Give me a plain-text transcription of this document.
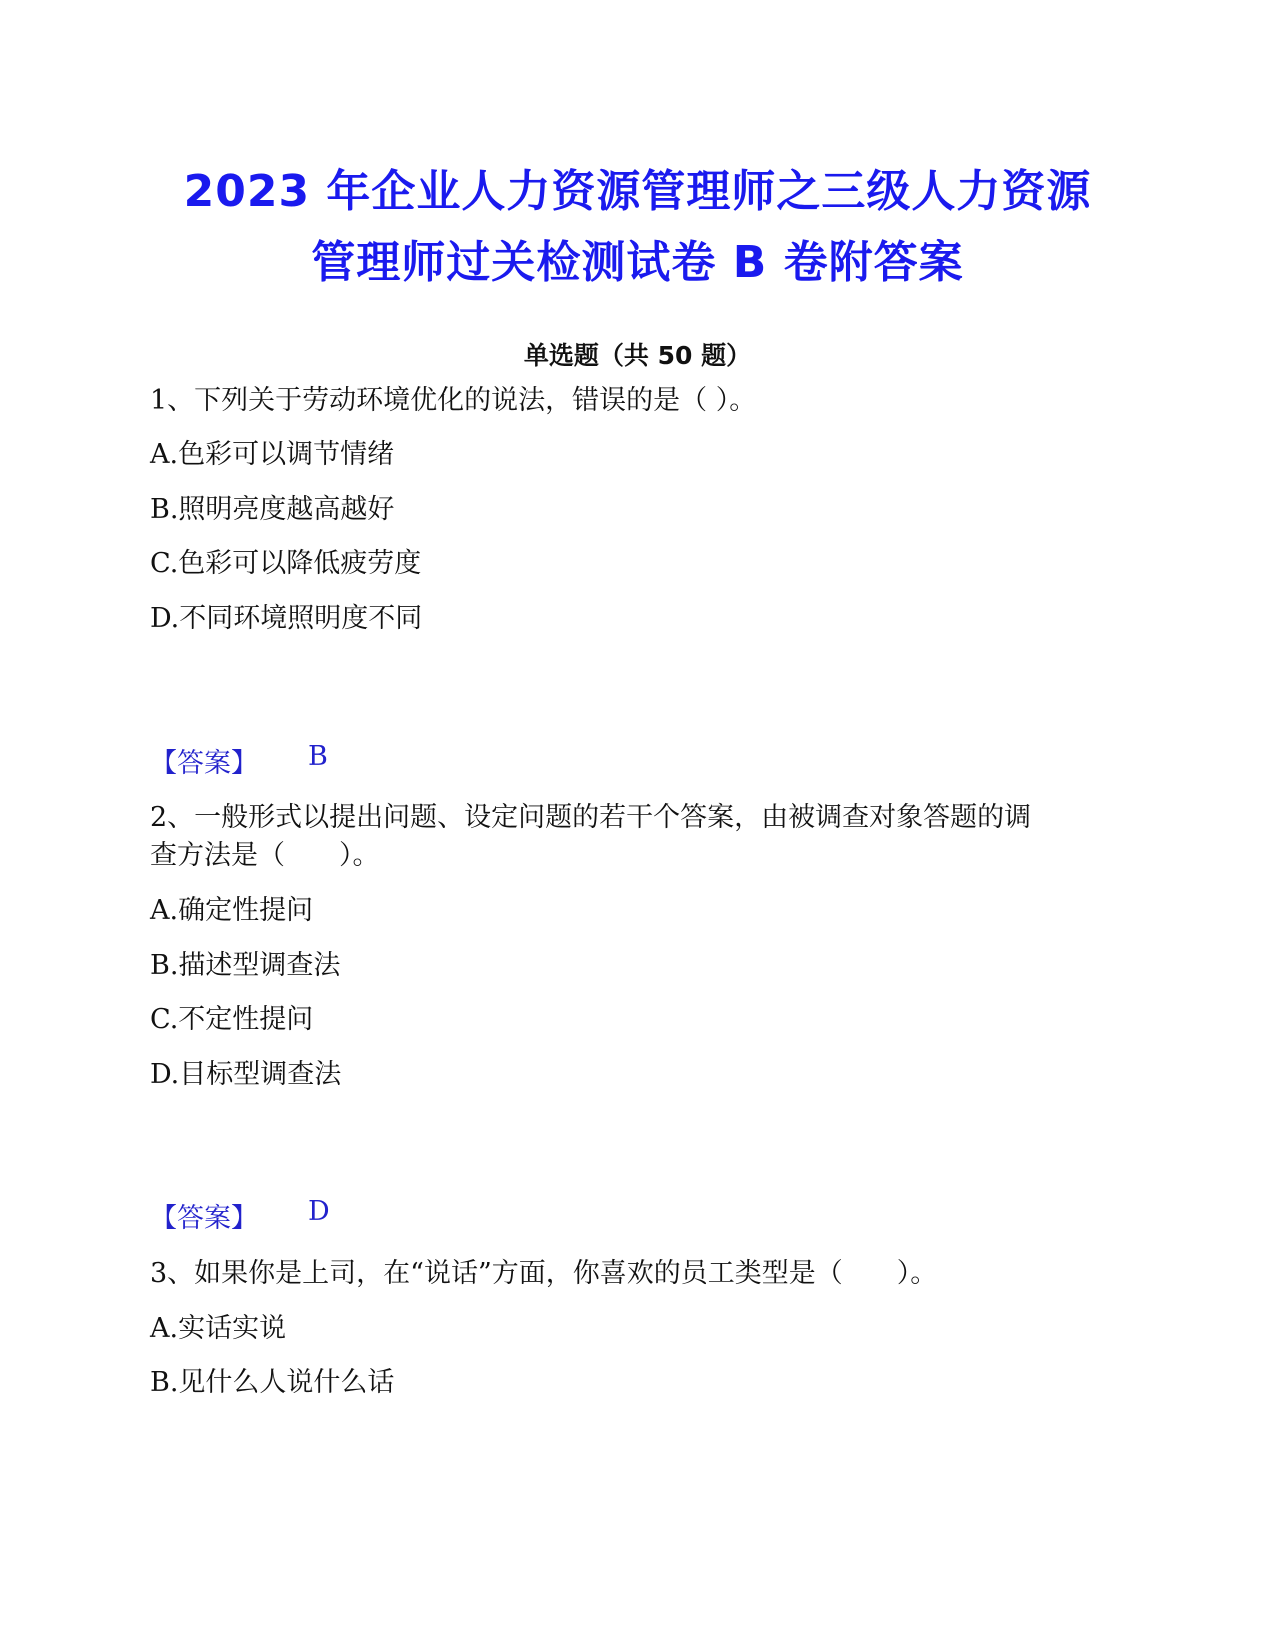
2023 年企业人力资源管理师之三级人力资源
管理师过关检测试卷 B 卷附答案
单选题（共 50 题）
1、下列关于劳动环境优化的说法，错误的是（ ）。
A.色彩可以调节情绪
B.照明亮度越高越好
C.色彩可以降低疲劳度
D.不同环境照明度不同
【答案】 B
2、一般形式以提出问题、设定问题的若干个答案，由被调查对象答题的调
查方法是（　　）。
A.确定性提问
B.描述型调查法
C.不定性提问
D.目标型调查法
【答案】 D
3、如果你是上司，在“说话”方面，你喜欢的员工类型是（　　）。
A.实话实说
B.见什么人说什么话
